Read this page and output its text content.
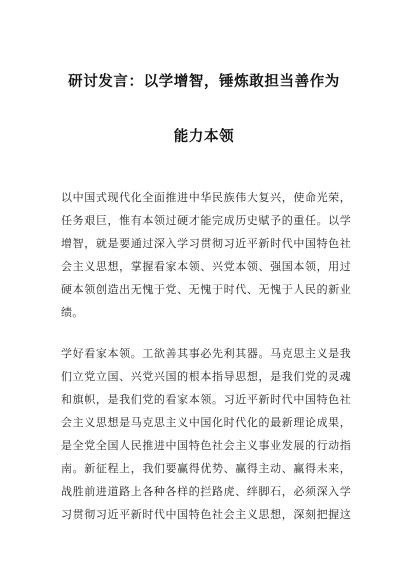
研讨发言：以学增智，锤炼敢担当善作为
能力本领
以中国式现代化全面推进中华民族伟大复兴，使命光荣，
任务艰巨，惟有本领过硬才能完成历史赋予的重任。以学
增智，就是要通过深入学习贯彻习近平新时代中国特色社
会主义思想，掌握看家本领、兴党本领、强国本领，用过
硬本领创造出无愧于党、无愧于时代、无愧于人民的新业
绩。
学好看家本领。工欲善其事必先利其器。马克思主义是我
们立党立国、兴党兴国的根本指导思想，是我们党的灵魂
和旗帜，是我们党的看家本领。习近平新时代中国特色社
会主义思想是马克思主义中国化时代化的最新理论成果，
是全党全国人民推进中国特色社会主义事业发展的行动指
南。新征程上，我们要赢得优势、赢得主动、赢得未来，
战胜前进道路上各种各样的拦路虎、绊脚石，必须深入学
习贯彻习近平新时代中国特色社会主义思想，深刻把握这
